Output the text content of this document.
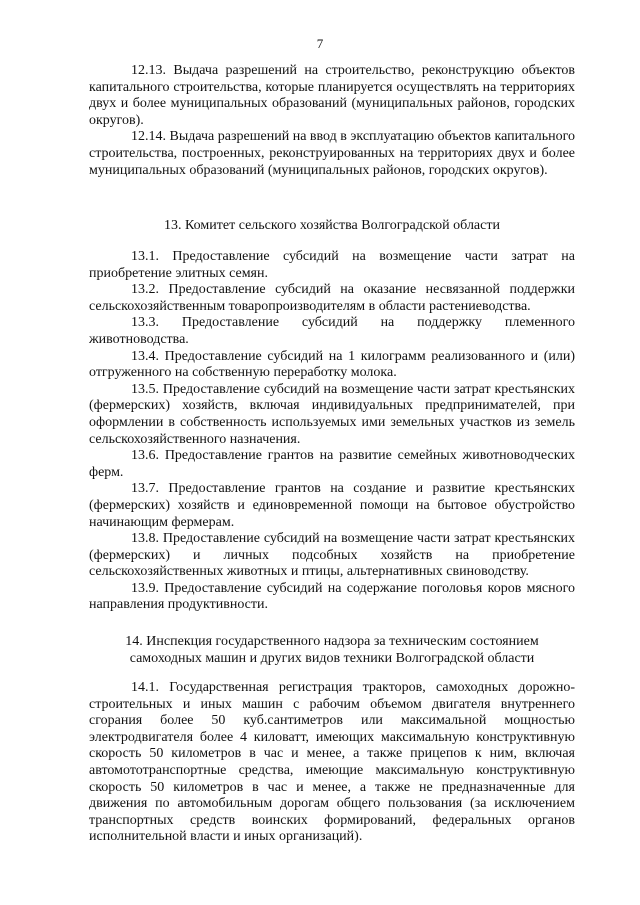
7

12.13. Выдача разрешений на строительство, реконструкцию объектов капитального строительства, которые планируется осуществлять на территориях двух и более муниципальных образований (муниципальных районов, городских округов).

12.14. Выдача разрешений на ввод в эксплуатацию объектов капитального строительства, построенных, реконструированных на территориях двух и более муниципальных образований (муниципальных районов, городских округов).

13. Комитет сельского хозяйства Волгоградской области

13.1. Предоставление субсидий на возмещение части затрат на приобретение элитных семян.

13.2. Предоставление субсидий на оказание несвязанной поддержки сельскохозяйственным товаропроизводителям в области растениеводства.

13.3. Предоставление субсидий на поддержку племенного животноводства.

13.4. Предоставление субсидий на 1 килограмм реализованного и (или) отгруженного на собственную переработку молока.

13.5. Предоставление субсидий на возмещение части затрат крестьянских (фермерских) хозяйств, включая индивидуальных предпринимателей, при оформлении в собственность используемых ими земельных участков из земель сельскохозяйственного назначения.

13.6. Предоставление грантов на развитие семейных животноводческих ферм.

13.7. Предоставление грантов на создание и развитие крестьянских (фермерских) хозяйств и единовременной помощи на бытовое обустройство начинающим фермерам.

13.8. Предоставление субсидий на возмещение части затрат крестьянских (фермерских) и личных подсобных хозяйств на приобретение сельскохозяйственных животных и птицы, альтернативных свиноводству.

13.9. Предоставление субсидий на содержание поголовья коров мясного направления продуктивности.

14. Инспекция государственного надзора за техническим состоянием

самоходных машин и других видов техники Волгоградской области

14.1. Государственная регистрация тракторов, самоходных дорожно-строительных и иных машин с рабочим объемом двигателя внутреннего сгорания более 50 куб.сантиметров или максимальной мощностью электродвигателя более 4 киловатт, имеющих максимальную конструктивную скорость 50 километров в час и менее, а также прицепов к ним, включая автомототранспортные средства, имеющие максимальную конструктивную скорость 50 километров в час и менее, а также не предназначенные для движения по автомобильным дорогам общего пользования (за исключением транспортных средств воинских формирований, федеральных органов исполнительной власти и иных организаций).
